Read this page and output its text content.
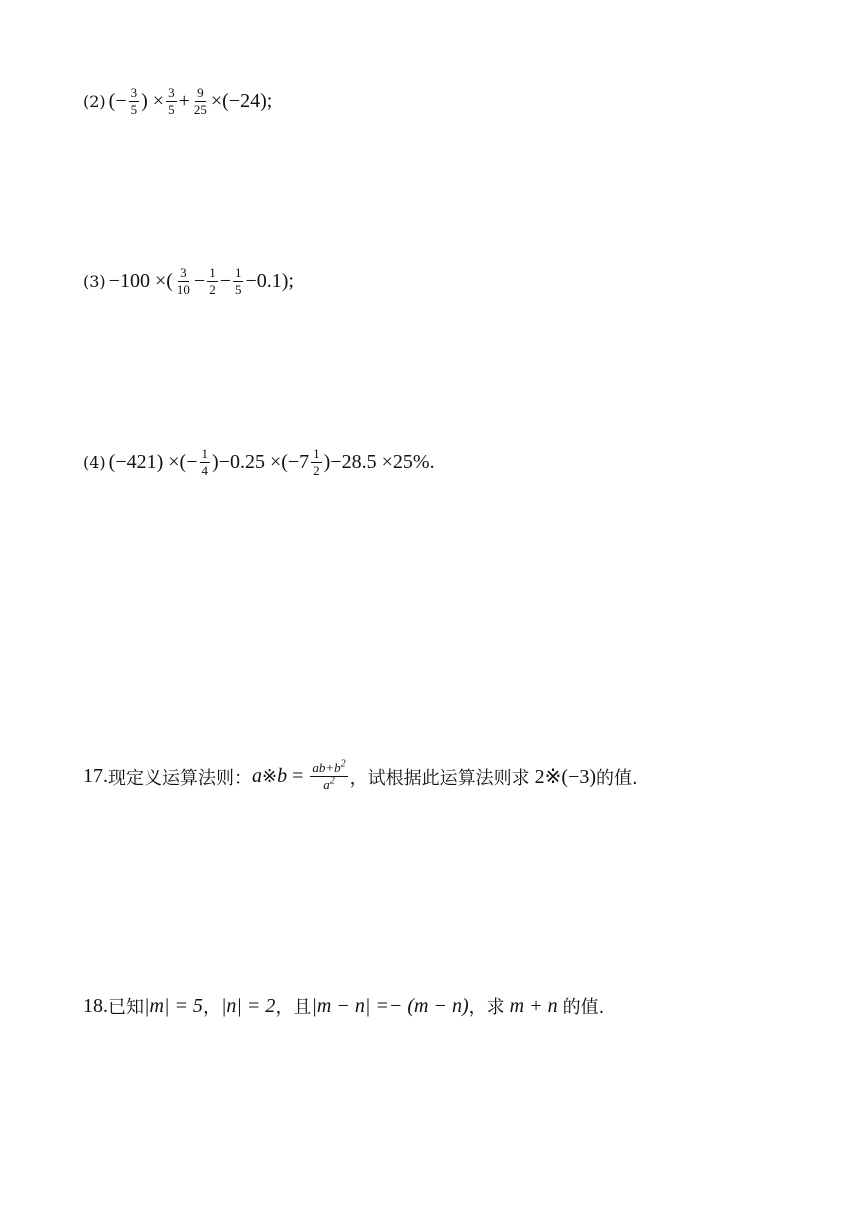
(2) ( − $\frac{3}{5}$ ) × $\frac{3}{5} + \frac{9}{25} \times(-24)$;
(3) −100 ×( $\frac{3}{10} - \frac{1}{2} - \frac{1}{5} -0.1$);
(4) (−421) ×(− $\frac{1}{4} )-0.25 \times(-7 \frac{1}{2} )-28.5 \times 25\%$.
17. 现定义运算法则： a ※ $b = \frac{ab+b^2}{a^2}$ ，试根据此运算法则求 2※(−3) 的值.
18. 已知 |m| = 5 ， |n| = 2 ，且 |m − n| =− (m − n) ，求 m + n 的值.
